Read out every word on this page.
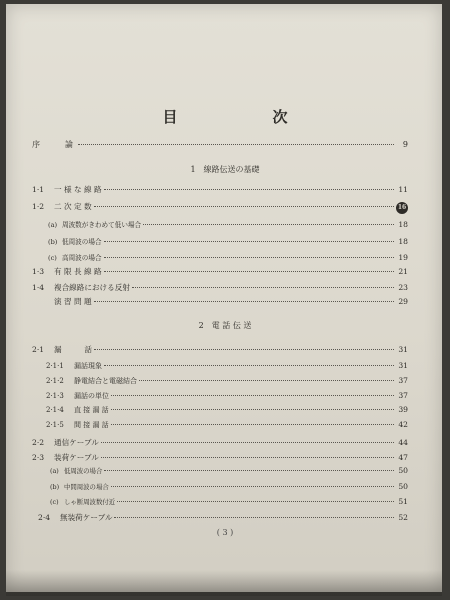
目　次
序　　論	9
1　線路伝送の基礎
1·1	一 様 な 線 路	11
1·2	二 次 定 数	16
(a) 周波数がきわめて低い場合	18
(b) 低周波の場合	18
(c) 高周波の場合	19
1·3	有 限 長 線 路	21
1·4	複合線路における反射	23
演 習 問 題	29
2　電 話 伝 送
2·1	漏　　　話	31
2·1·1	漏話現象	31
2·1·2	静電結合と電磁結合	37
2·1·3	漏話の単位	37
2·1·4	直 接 漏 話	39
2·1·5	間 接 漏 話	42
2·2	通信ケーブル	44
2·3	装荷ケーブル	47
(a) 低周波の場合	50
(b) 中間周波の場合	50
(c) しゃ断周波数付近	51
2·4	無装荷ケーブル	52
( 3 )
